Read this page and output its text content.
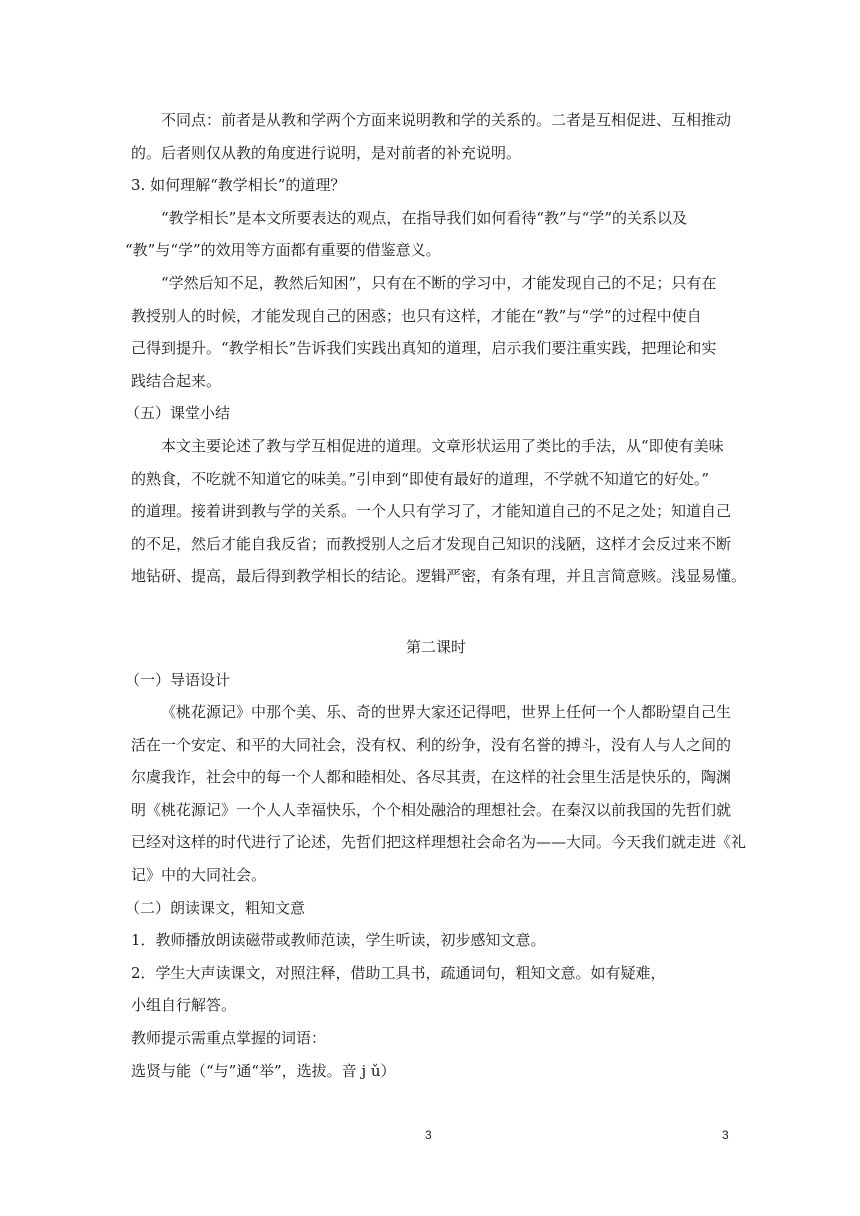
不同点：前者是从教和学两个方面来说明教和学的关系的。二者是互相促进、互相推动

的。后者则仅从教的角度进行说明，是对前者的补充说明。

3. 如何理解“教学相长”的道理？

“教学相长”是本文所要表达的观点，在指导我们如何看待“教”与“学”的关系以及

“教”与“学”的效用等方面都有重要的借鉴意义。

“学然后知不足，教然后知困”，只有在不断的学习中，才能发现自己的不足；只有在

教授别人的时候，才能发现自己的困惑；也只有这样，才能在“教”与“学”的过程中使自

己得到提升。“教学相长”告诉我们实践出真知的道理，启示我们要注重实践，把理论和实

践结合起来。

（五）课堂小结

本文主要论述了教与学互相促进的道理。文章形状运用了类比的手法，从“即使有美味

的熟食，不吃就不知道它的味美。”引申到“即使有最好的道理，不学就不知道它的好处。”

的道理。接着讲到教与学的关系。一个人只有学习了，才能知道自己的不足之处；知道自己

的不足，然后才能自我反省；而教授别人之后才发现自己知识的浅陋，这样才会反过来不断

地钻研、提高，最后得到教学相长的结论。逻辑严密，有条有理，并且言简意赅。浅显易懂。

第二课时

（一）导语设计

《桃花源记》中那个美、乐、奇的世界大家还记得吧，世界上任何一个人都盼望自己生

活在一个安定、和平的大同社会，没有权、利的纷争，没有名誉的搏斗，没有人与人之间的

尔虞我诈，社会中的每一个人都和睦相处、各尽其责，在这样的社会里生活是快乐的，陶渊

明《桃花源记》一个人人幸福快乐，个个相处融洽的理想社会。在秦汉以前我国的先哲们就

已经对这样的时代进行了论述，先哲们把这样理想社会命名为——大同。今天我们就走进《礼

记》中的大同社会。

（二）朗读课文，粗知文意

1．教师播放朗读磁带或教师范读，学生听读，初步感知文意。

2．学生大声读课文，对照注释，借助工具书，疏通词句，粗知文意。如有疑难，

小组自行解答。

教师提示需重点掌握的词语：

选贤与能（“与”通“举”，选拔。音 j ǔ）

3	3
